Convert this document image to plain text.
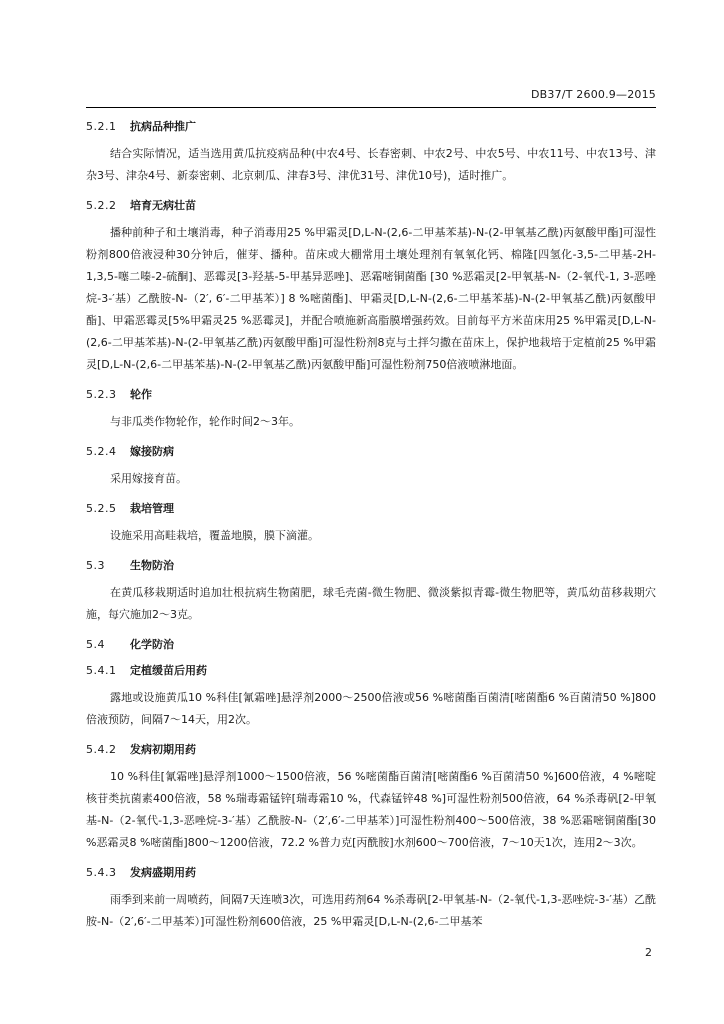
DB37/T 2600.9—2015
5.2.1 抗病品种推广

结合实际情况，适当选用黄瓜抗疫病品种(中农4号、长春密刺、中农2号、中农5号、中农11号、中农13号、津杂3号、津杂4号、新泰密刺、北京刺瓜、津春3号、津优31号、津优10号)，适时推广。

5.2.2 培育无病壮苗

播种前种子和土壤消毒，种子消毒用25 %甲霜灵[D,L-N-(2,6-二甲基苯基)-N-(2-甲氧基乙酰)丙氨酸甲酯]可湿性粉剂800倍液浸种30分钟后，催芽、播种。苗床或大棚常用土壤处理剂有氧氧化钙、棉隆[四氢化-3,5-二甲基-2H-1,3,5-噻二嗪-2-硫酮]、恶霉灵[3-羟基-5-甲基异恶唑]、恶霜嘧铜菌酯 [30 %恶霜灵[2-甲氧基-N-（2-氧代-1, 3-恶唑烷-3-′基）乙酰胺-N-（2′, 6′-二甲基苯）] 8 %嘧菌酯]、甲霜灵[D,L-N-(2,6-二甲基苯基)-N-(2-甲氧基乙酰)丙氨酸甲酯]、甲霜恶霉灵[5%甲霜灵25 %恶霉灵]，并配合喷施新高脂膜增强药效。目前每平方米苗床用25 %甲霜灵[D,L-N-(2,6-二甲基苯基)-N-(2-甲氧基乙酰)丙氨酸甲酯]可湿性粉剂8克与土拌匀撒在苗床上，保护地栽培于定植前25 %甲霜灵[D,L-N-(2,6-二甲基苯基)-N-(2-甲氧基乙酰)丙氨酸甲酯]可湿性粉剂750倍液喷淋地面。

5.2.3 轮作

与非瓜类作物轮作，轮作时间2～3年。

5.2.4 嫁接防病

采用嫁接育苗。

5.2.5 栽培管理

设施采用高畦栽培，覆盖地膜，膜下滴灌。

5.3 生物防治

在黄瓜移栽期适时追加壮根抗病生物菌肥，球毛壳菌-微生物肥、微淡紫拟青霉-微生物肥等，黄瓜幼苗移栽期穴施，每穴施加2～3克。

5.4 化学防治
5.4.1 定植缓苗后用药

露地或设施黄瓜10 %科佳[氰霜唑]悬浮剂2000～2500倍液或56 %嘧菌酯百菌清[嘧菌酯6 %百菌清50 %]800倍液预防，间隔7～14天，用2次。

5.4.2 发病初期用药

10 %科佳[氰霜唑]悬浮剂1000～1500倍液，56 %嘧菌酯百菌清[嘧菌酯6 %百菌清50 %]600倍液，4 %嘧啶核苷类抗菌素400倍液，58 %瑞毒霜锰锌[瑞毒霜10 %，代森锰锌48 %]可湿性粉剂500倍液，64 %杀毒矾[2-甲氧基-N-（2-氧代-1,3-恶唑烷-3-′基）乙酰胺-N-（2′,6′-二甲基苯）]可湿性粉剂400～500倍液，38 %恶霜嘧铜菌酯[30 %恶霜灵8 %嘧菌酯]800～1200倍液，72.2 %普力克[丙酰胺]水剂600～700倍液，7～10天1次，连用2～3次。

5.4.3 发病盛期用药

雨季到来前一周喷药，间隔7天连喷3次，可选用药剂64 %杀毒矾[2-甲氧基-N-（2-氧代-1,3-恶唑烷-3-′基）乙酰胺-N-（2′,6′-二甲基苯）]可湿性粉剂600倍液，25 %甲霜灵[D,L-N-(2,6-二甲基苯

2
